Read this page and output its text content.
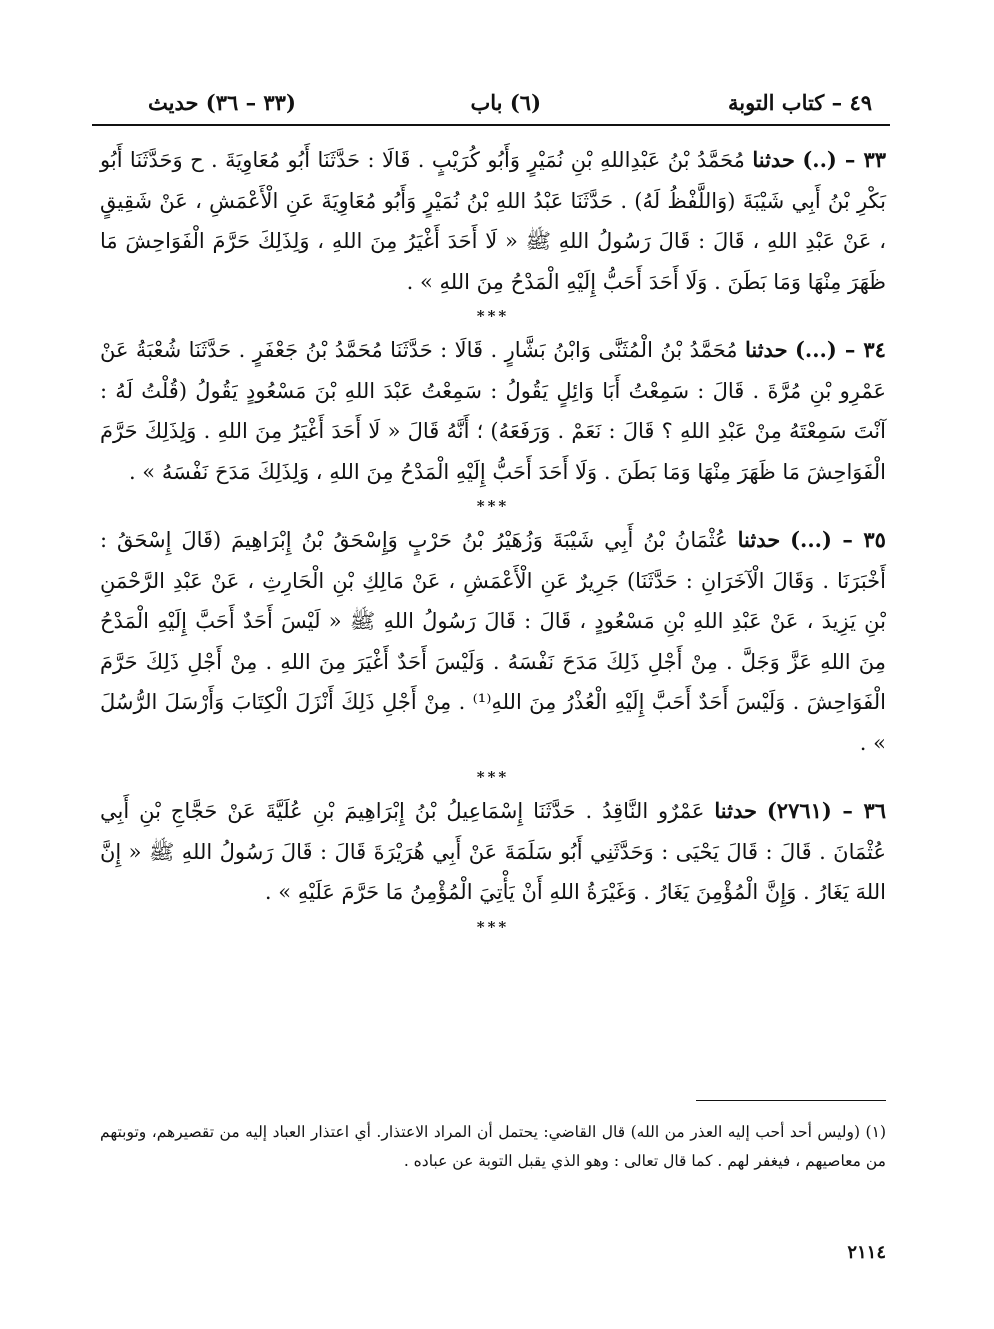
٤٩ – كتاب التوبة
(٦) باب
(٣٣ – ٣٦) حديث

٣٣ – (..) حدثنا مُحَمَّدُ بْنُ عَبْدِاللهِ بْنِ نُمَيْرٍ وَأَبُو كُرَيْبٍ . قَالَا : حَدَّثَنَا أَبُو مُعَاوِيَةَ . ح وَحَدَّثَنَا أَبُو بَكْرِ بْنُ أَبِي شَيْبَةَ (وَاللَّفْظُ لَهُ) . حَدَّثَنَا عَبْدُ اللهِ بْنُ نُمَيْرٍ وَأَبُو مُعَاوِيَةَ عَنِ الْأَعْمَشِ ، عَنْ شَقِيقٍ ، عَنْ عَبْدِ اللهِ ، قَالَ : قَالَ رَسُولُ اللهِ ﷺ « لَا أَحَدَ أَغْيَرُ مِنَ اللهِ ، وَلِذَلِكَ حَرَّمَ الْفَوَاحِشَ مَا ظَهَرَ مِنْهَا وَمَا بَطَنَ . وَلَا أَحَدَ أَحَبُّ إِلَيْهِ الْمَدْحُ مِنَ اللهِ » .

***

٣٤ – (...) حدثنا مُحَمَّدُ بْنُ الْمُثَنَّى وَابْنُ بَشَّارٍ . قَالَا : حَدَّثَنَا مُحَمَّدُ بْنُ جَعْفَرٍ . حَدَّثَنَا شُعْبَةُ عَنْ عَمْرِو بْنِ مُرَّةَ . قَالَ : سَمِعْتُ أَبَا وَائِلٍ يَقُولُ : سَمِعْتُ عَبْدَ اللهِ بْنَ مَسْعُودٍ يَقُولُ (قُلْتُ لَهُ : آنْتَ سَمِعْتَهُ مِنْ عَبْدِ اللهِ ؟ قَالَ : نَعَمْ . وَرَفَعَهُ) ؛ أَنَّهُ قَالَ « لَا أَحَدَ أَغْيَرُ مِنَ اللهِ . وَلِذَلِكَ حَرَّمَ الْفَوَاحِشَ مَا ظَهَرَ مِنْهَا وَمَا بَطَنَ . وَلَا أَحَدَ أَحَبُّ إِلَيْهِ الْمَدْحُ مِنَ اللهِ ، وَلِذَلِكَ مَدَحَ نَفْسَهُ » .

***

٣٥ – (...) حدثنا عُثْمَانُ بْنُ أَبِي شَيْبَةَ وَزُهَيْرُ بْنُ حَرْبٍ وَإِسْحَقُ بْنُ إِبْرَاهِيمَ (قَالَ إِسْحَقُ : أَخْبَرَنَا . وَقَالَ الْآخَرَانِ : حَدَّثَنَا) جَرِيرٌ عَنِ الْأَعْمَشِ ، عَنْ مَالِكِ بْنِ الْحَارِثِ ، عَنْ عَبْدِ الرَّحْمَنِ بْنِ يَزِيدَ ، عَنْ عَبْدِ اللهِ بْنِ مَسْعُودٍ ، قَالَ : قَالَ رَسُولُ اللهِ ﷺ « لَيْسَ أَحَدٌ أَحَبَّ إِلَيْهِ الْمَدْحُ مِنَ اللهِ عَزَّ وَجَلَّ . مِنْ أَجْلِ ذَلِكَ مَدَحَ نَفْسَهُ . وَلَيْسَ أَحَدٌ أَغْيَرَ مِنَ اللهِ . مِنْ أَجْلِ ذَلِكَ حَرَّمَ الْفَوَاحِشَ . وَلَيْسَ أَحَدٌ أَحَبَّ إِلَيْهِ الْعُذْرُ مِنَ اللهِ⁽¹⁾ . مِنْ أَجْلِ ذَلِكَ أَنْزَلَ الْكِتَابَ وَأَرْسَلَ الرُّسُلَ » .

***

٣٦ – (٢٧٦١) حدثنا عَمْرٌو النَّاقِدُ . حَدَّثَنَا إِسْمَاعِيلُ بْنُ إِبْرَاهِيمَ بْنِ عُلَيَّةَ عَنْ حَجَّاجِ بْنِ أَبِي عُثْمَانَ . قَالَ : قَالَ يَحْيَى : وَحَدَّثَنِي أَبُو سَلَمَةَ عَنْ أَبِي هُرَيْرَةَ قَالَ : قَالَ رَسُولُ اللهِ ﷺ « إِنَّ اللهَ يَغَارُ . وَإِنَّ الْمُؤْمِنَ يَغَارُ . وَغَيْرَةُ اللهِ أَنْ يَأْتِيَ الْمُؤْمِنُ مَا حَرَّمَ عَلَيْهِ » .

***

(١) (وليس أحد أحب إليه العذر من الله) قال القاضي: يحتمل أن المراد الاعتذار. أي اعتذار العباد إليه من تقصيرهم، وتوبتهم من معاصيهم ، فيغفر لهم . كما قال تعالى : وهو الذي يقبل التوبة عن عباده .
٢١١٤
